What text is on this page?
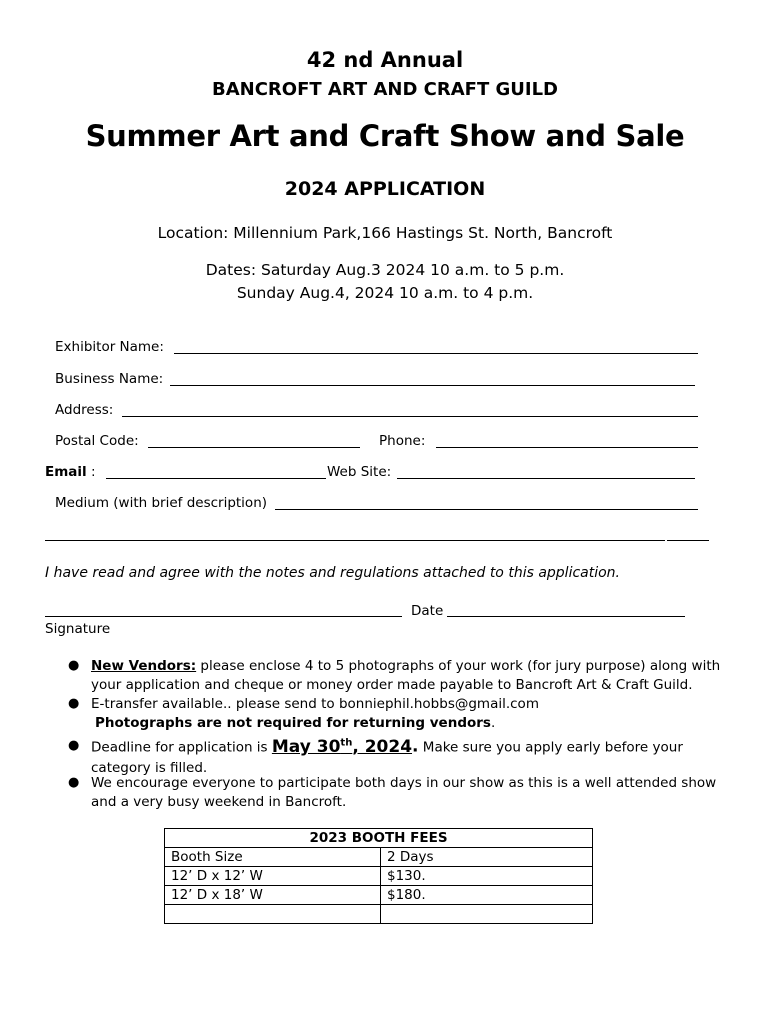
42 nd Annual
BANCROFT ART AND CRAFT GUILD
Summer Art and Craft Show and Sale
2024 APPLICATION
Location: Millennium Park,166 Hastings St. North, Bancroft
Dates: Saturday Aug.3 2024 10 a.m. to 5 p.m.
Sunday Aug.4, 2024 10 a.m. to 4 p.m.
Exhibitor Name:
Business Name:
Address:
Postal Code:	Phone:
Email :	Web Site:
Medium (with brief description)
I have read and agree with the notes and regulations attached to this application.
Date
Signature
● New Vendors: please enclose 4 to 5 photographs of your work (for jury purpose) along with
your application and cheque or money order made payable to Bancroft Art & Craft Guild.
● E-transfer available.. please send to bonniephil.hobbs@gmail.com
Photographs are not required for returning vendors.
● Deadline for application is May 30th, 2024. Make sure you apply early before your
category is filled.
● We encourage everyone to participate both days in our show as this is a well attended show
and a very busy weekend in Bancroft.
2023 BOOTH FEES	
Booth Size	2 Days
12’ D x 12’ W	$130.
12’ D x 18’ W	$180.
